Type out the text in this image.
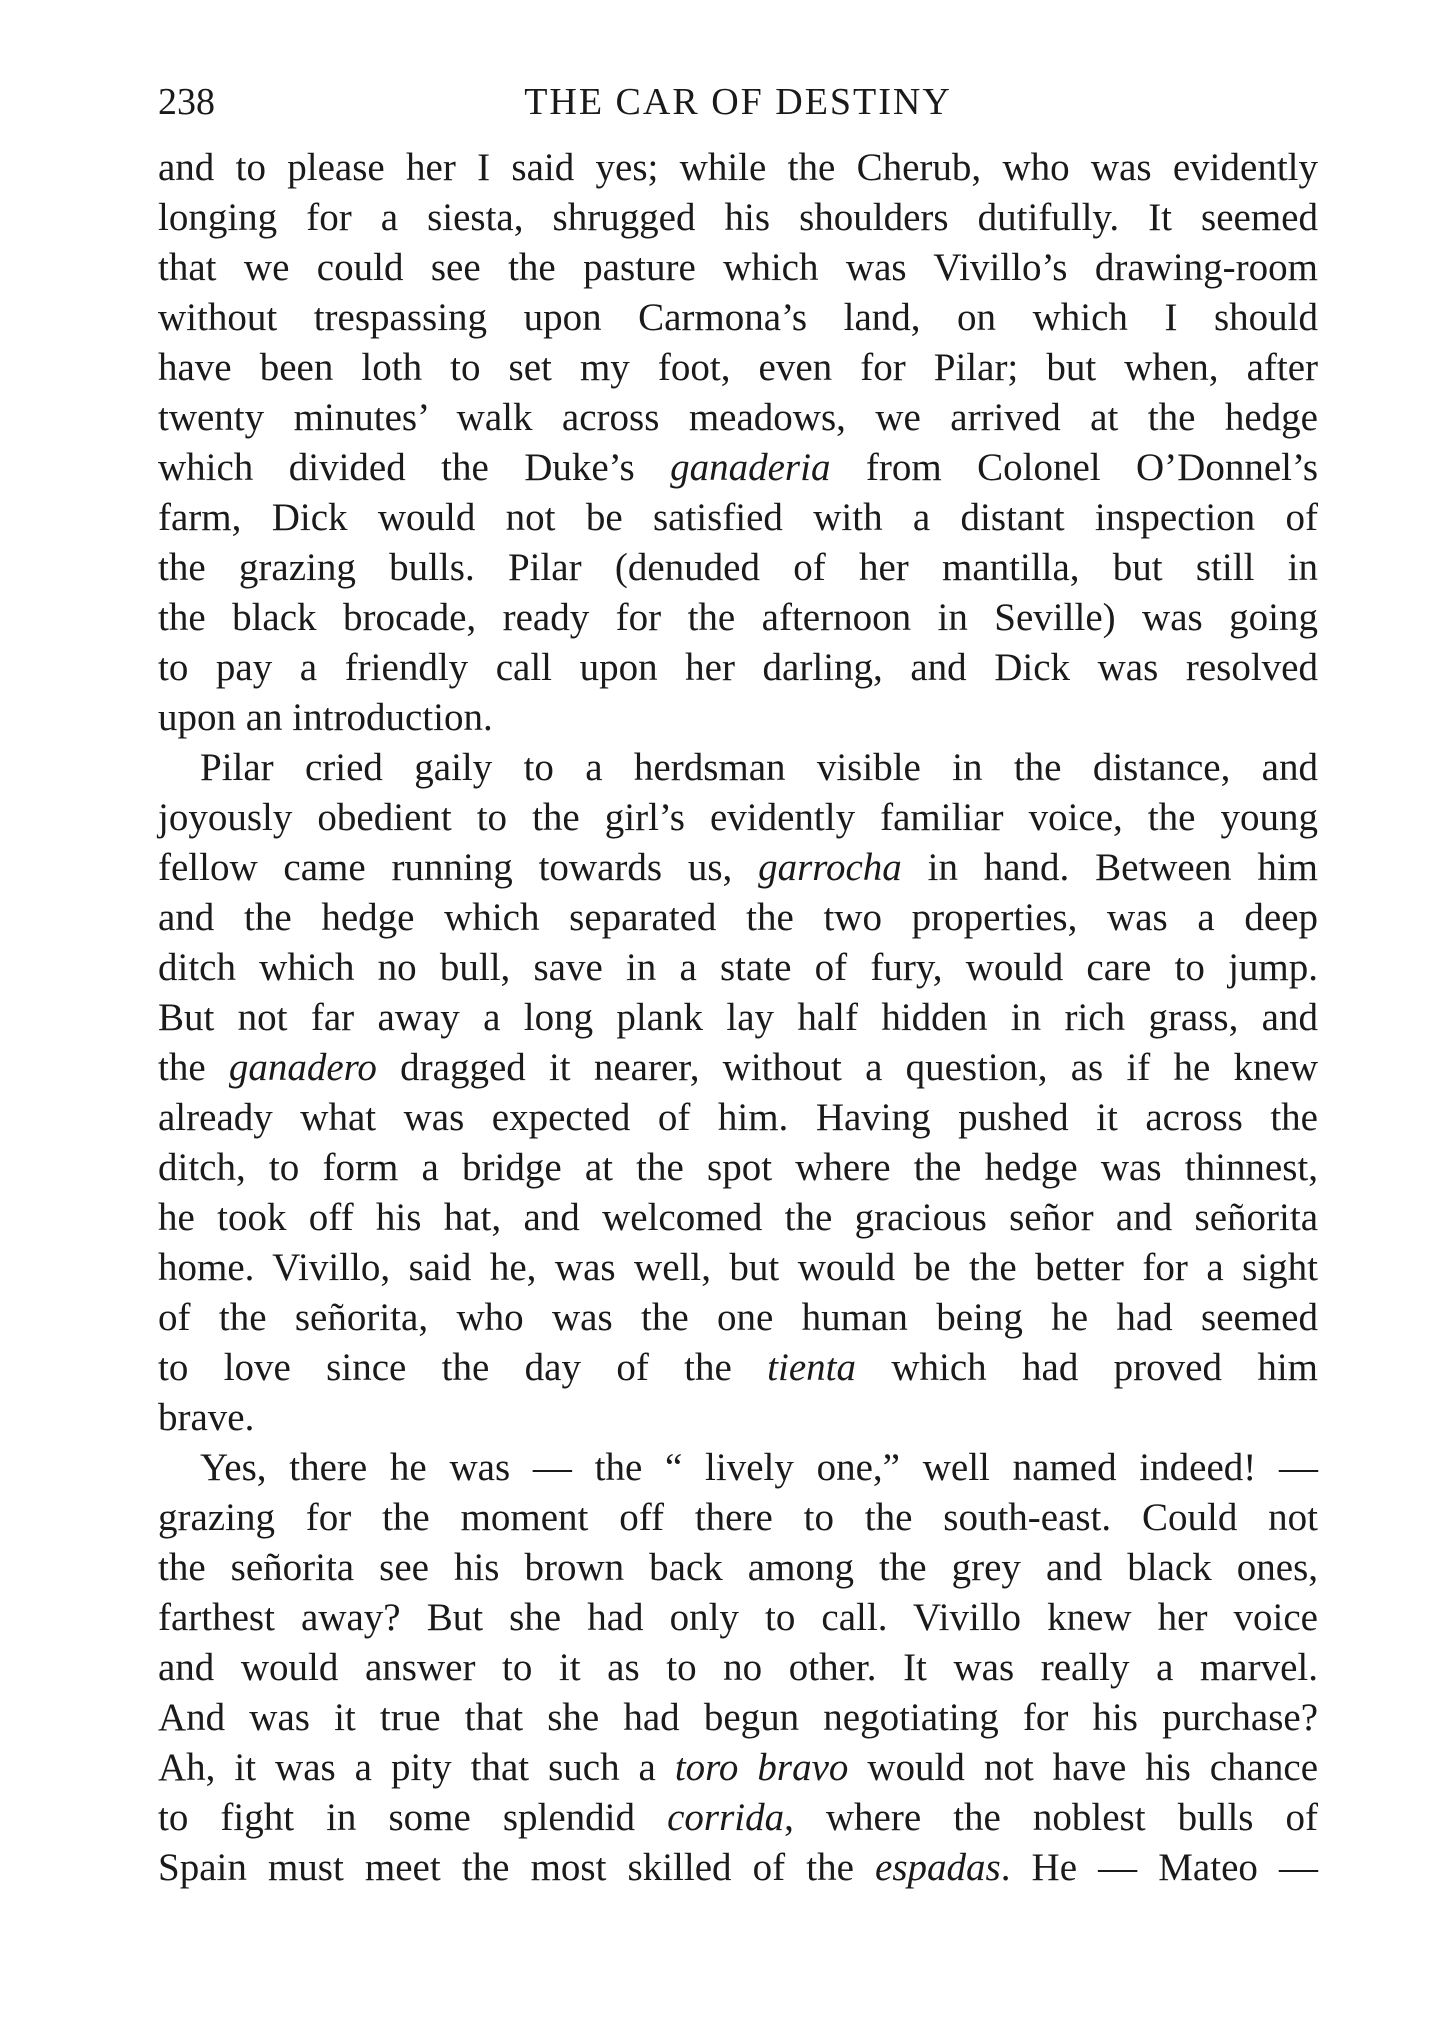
238	THE CAR OF DESTINY
and to please her I said yes; while the Cherub, who was evidently
longing for a siesta, shrugged his shoulders dutifully. It seemed
that we could see the pasture which was Vivillo’s drawing-room
without trespassing upon Carmona’s land, on which I should
have been loth to set my foot, even for Pilar; but when, after
twenty minutes’ walk across meadows, we arrived at the hedge
which divided the Duke’s ganaderia from Colonel O’Donnel’s
farm, Dick would not be satisfied with a distant inspection of
the grazing bulls. Pilar (denuded of her mantilla, but still in
the black brocade, ready for the afternoon in Seville) was going
to pay a friendly call upon her darling, and Dick was resolved
upon an introduction.
Pilar cried gaily to a herdsman visible in the distance, and
joyously obedient to the girl’s evidently familiar voice, the young
fellow came running towards us, garrocha in hand. Between him
and the hedge which separated the two properties, was a deep
ditch which no bull, save in a state of fury, would care to jump.
But not far away a long plank lay half hidden in rich grass, and
the ganadero dragged it nearer, without a question, as if he knew
already what was expected of him. Having pushed it across the
ditch, to form a bridge at the spot where the hedge was thinnest,
he took off his hat, and welcomed the gracious señor and señorita
home. Vivillo, said he, was well, but would be the better for a sight
of the señorita, who was the one human being he had seemed
to love since the day of the tienta which had proved him
brave.
Yes, there he was — the “ lively one,” well named indeed! —
grazing for the moment off there to the south-east. Could not
the señorita see his brown back among the grey and black ones,
farthest away? But she had only to call. Vivillo knew her voice
and would answer to it as to no other. It was really a marvel.
And was it true that she had begun negotiating for his purchase?
Ah, it was a pity that such a toro bravo would not have his chance
to fight in some splendid corrida, where the noblest bulls of
Spain must meet the most skilled of the espadas. He — Mateo —
